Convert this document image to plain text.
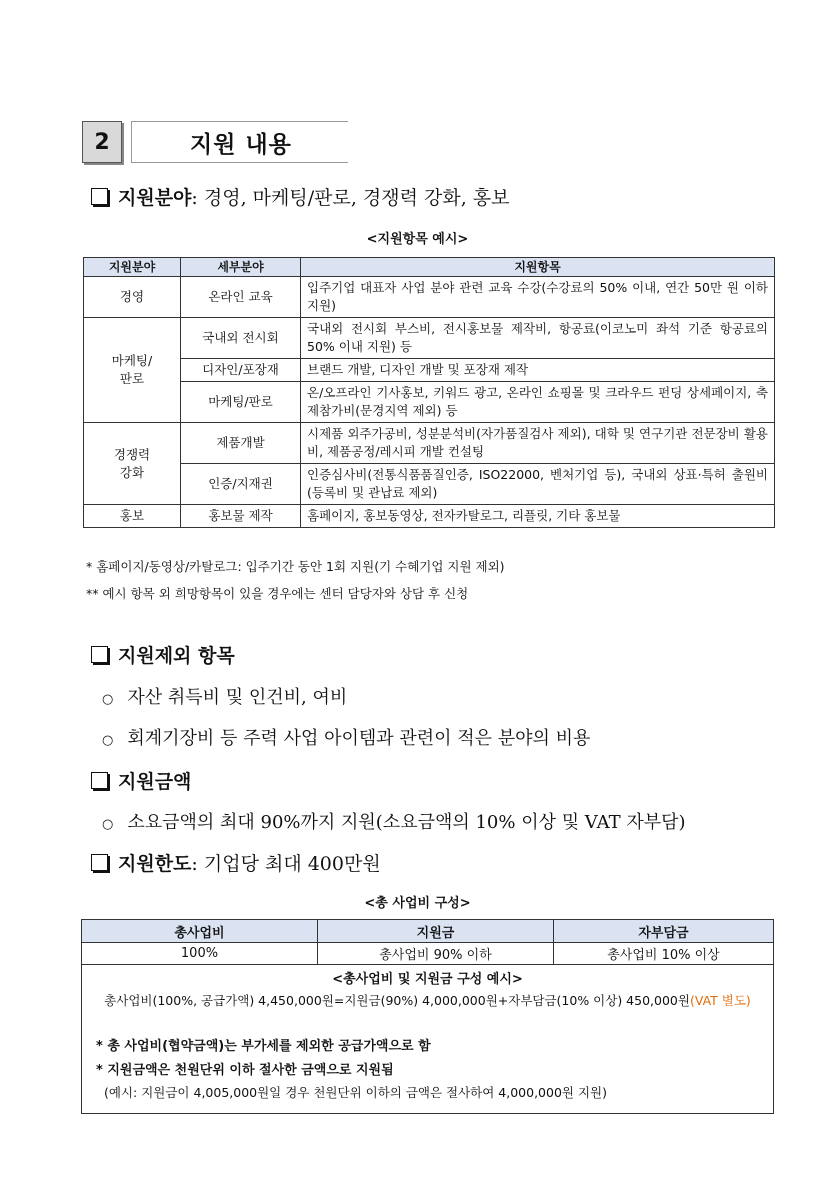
2	지원 내용
지원분야: 경영, 마케팅/판로, 경쟁력 강화, 홍보
<지원항목 예시>
지원분야	세부분야	지원항목
경영	온라인 교육	입주기업 대표자 사업 분야 관련 교육 수강(수강료의 50% 이내, 연간 50만 원 이하 지원)
마케팅/
판로	국내외 전시회	국내외 전시회 부스비, 전시홍보물 제작비, 항공료(이코노미 좌석 기준 항공료의 50% 이내 지원) 등
	디자인/포장재	브랜드 개발, 디자인 개발 및 포장재 제작
	마케팅/판로	온/오프라인 기사홍보, 키워드 광고, 온라인 쇼핑몰 및 크라우드 펀딩 상세페이지, 축제참가비(문경지역 제외) 등
경쟁력
강화	제품개발	시제품 외주가공비, 성분분석비(자가품질검사 제외), 대학 및 연구기관 전문장비 활용비, 제품공정/레시피 개발 컨설팅
	인증/지재권	인증심사비(전통식품품질인증, ISO22000, 벤처기업 등), 국내외 상표·특허 출원비(등록비 및 관납료 제외)
홍보	홍보물 제작	홈페이지, 홍보동영상, 전자카탈로그, 리플릿, 기타 홍보물
* 홈페이지/동영상/카탈로그: 입주기간 동안 1회 지원(기 수혜기업 지원 제외)
** 예시 항목 외 희망항목이 있을 경우에는 센터 담당자와 상담 후 신청
지원제외 항목
○ 자산 취득비 및 인건비, 여비
○ 회계기장비 등 주력 사업 아이템과 관련이 적은 분야의 비용
지원금액
○ 소요금액의 최대 90%까지 지원(소요금액의 10% 이상 및 VAT 자부담)
지원한도: 기업당 최대 400만원
<총 사업비 구성>
총사업비	지원금	자부담금
100%	총사업비 90% 이하	총사업비 10% 이상

<총사업비 및 지원금 구성 예시>
총사업비(100%, 공급가액) 4,450,000원=지원금(90%) 4,000,000원+자부담금(10% 이상) 450,000원(VAT 별도)
* 총 사업비(협약금액)는 부가세를 제외한 공급가액으로 함
* 지원금액은 천원단위 이하 절사한 금액으로 지원됨
(예시: 지원금이 4,005,000원일 경우 천원단위 이하의 금액은 절사하여 4,000,000원 지원)		
